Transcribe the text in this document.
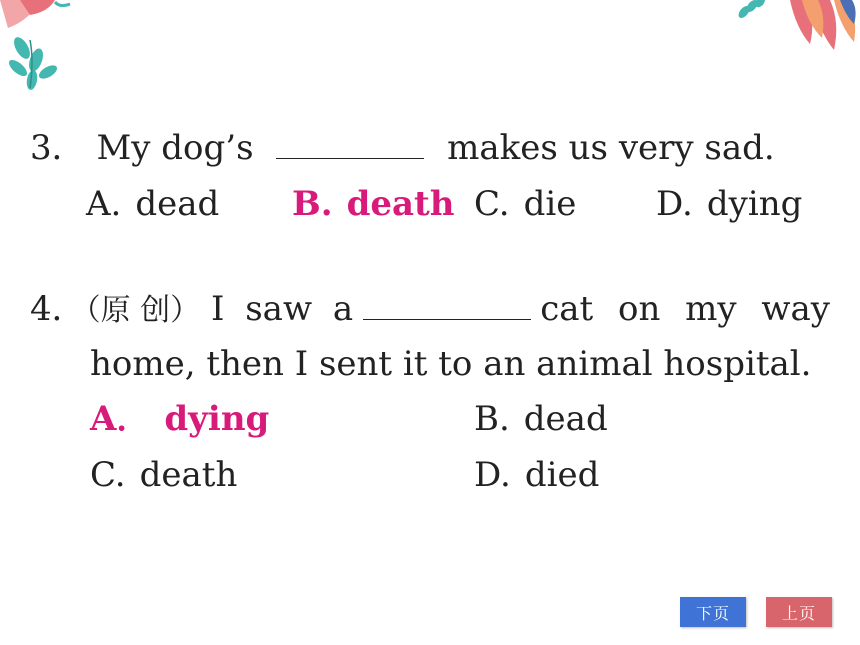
3． My dog’s	makes us very sad.
A. dead B. death C. die D. dying
4．（原 创） I saw a	cat on my way
home, then I sent it to an animal hospital.
A． dying	B. dead
C. death	D. died
下页	上页
